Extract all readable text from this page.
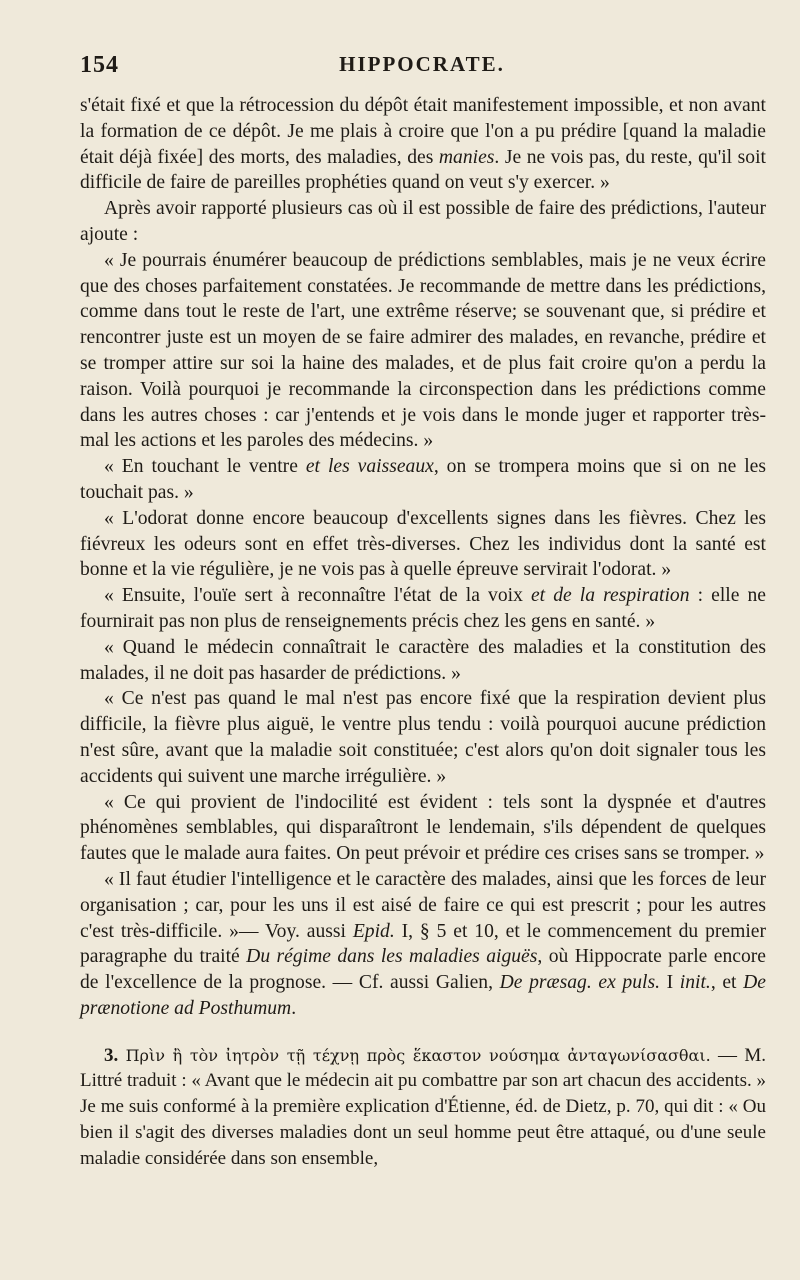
154	HIPPOCRATE.

s'était fixé et que la rétrocession du dépôt était manifestement impossible, et non avant la formation de ce dépôt. Je me plais à croire que l'on a pu prédire [quand la maladie était déjà fixée] des morts, des maladies, des manies. Je ne vois pas, du reste, qu'il soit difficile de faire de pareilles prophéties quand on veut s'y exercer. »

Après avoir rapporté plusieurs cas où il est possible de faire des prédictions, l'auteur ajoute :

« Je pourrais énumérer beaucoup de prédictions semblables, mais je ne veux écrire que des choses parfaitement constatées. Je recommande de mettre dans les prédictions, comme dans tout le reste de l'art, une extrême réserve; se souvenant que, si prédire et rencontrer juste est un moyen de se faire admirer des malades, en revanche, prédire et se tromper attire sur soi la haine des malades, et de plus fait croire qu'on a perdu la raison. Voilà pourquoi je recommande la circonspection dans les prédictions comme dans les autres choses : car j'entends et je vois dans le monde juger et rapporter très-mal les actions et les paroles des médecins. »

« En touchant le ventre et les vaisseaux, on se trompera moins que si on ne les touchait pas. »

« L'odorat donne encore beaucoup d'excellents signes dans les fièvres. Chez les fiévreux les odeurs sont en effet très-diverses. Chez les individus dont la santé est bonne et la vie régulière, je ne vois pas à quelle épreuve servirait l'odorat. »

« Ensuite, l'ouïe sert à reconnaître l'état de la voix et de la respiration : elle ne fournirait pas non plus de renseignements précis chez les gens en santé. »

« Quand le médecin connaîtrait le caractère des maladies et la constitution des malades, il ne doit pas hasarder de prédictions. »

« Ce n'est pas quand le mal n'est pas encore fixé que la respiration devient plus difficile, la fièvre plus aiguë, le ventre plus tendu : voilà pourquoi aucune prédiction n'est sûre, avant que la maladie soit constituée; c'est alors qu'on doit signaler tous les accidents qui suivent une marche irrégulière. »

« Ce qui provient de l'indocilité est évident : tels sont la dyspnée et d'autres phénomènes semblables, qui disparaîtront le lendemain, s'ils dépendent de quelques fautes que le malade aura faites. On peut prévoir et prédire ces crises sans se tromper. »

« Il faut étudier l'intelligence et le caractère des malades, ainsi que les forces de leur organisation ; car, pour les uns il est aisé de faire ce qui est prescrit ; pour les autres c'est très-difficile. »— Voy. aussi Epid. I, § 5 et 10, et le commencement du premier paragraphe du traité Du régime dans les maladies aiguës, où Hippocrate parle encore de l'excellence de la prognose. — Cf. aussi Galien, De præsag. ex puls. I init., et De prænotione ad Posthumum.

3. Πρὶν ἢ τὸν ἰητρὸν τῇ τέχνῃ πρὸς ἕκαστον νούσημα ἀνταγωνίσασθαι. — M. Littré traduit : « Avant que le médecin ait pu combattre par son art chacun des accidents. » Je me suis conformé à la première explication d'Étienne, éd. de Dietz, p. 70, qui dit : « Ou bien il s'agit des diverses maladies dont un seul homme peut être attaqué, ou d'une seule maladie considérée dans son ensemble,
